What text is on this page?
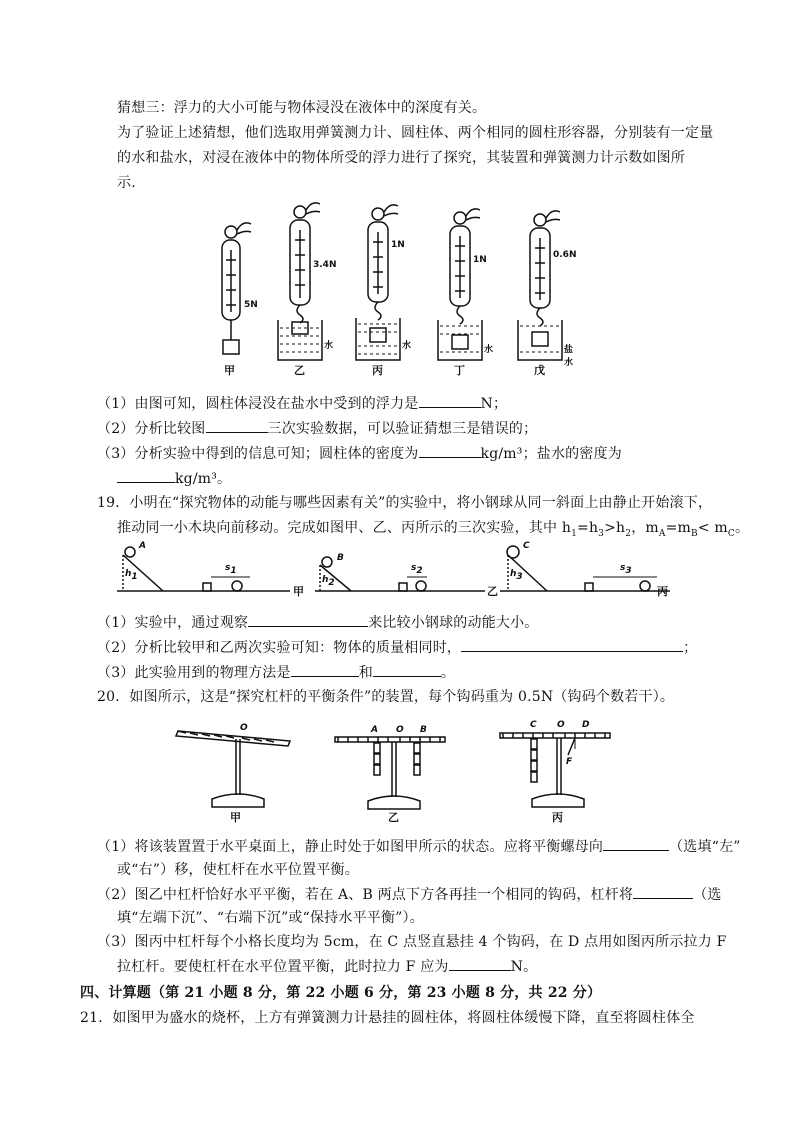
猜想三：浮力的大小可能与物体浸没在液体中的深度有关。
为了验证上述猜想，他们选取用弹簧测力计、圆柱体、两个相同的圆柱形容器，分别装有一定量
的水和盐水，对浸在液体中的物体所受的浮力进行了探究，其装置和弹簧测力计示数如图所
示.
5N
3.4N
1N
1N	0.6N
水	水	水	盐水
甲	乙	丙	丁	戊
（1）由图可知，圆柱体浸没在盐水中受到的浮力是	N；
（2）分析比较图	三次实验数据，可以验证猜想三是错误的；
（3）分析实验中得到的信息可知；圆柱体的密度为	kg/m³；盐水的密度为
kg/m³。
19．小明在“探究物体的动能与哪些因素有关”的实验中，将小钢球从同一斜面上由静止开始滚下，
推动同一小木块向前移动。完成如图甲、乙、丙所示的三次实验，其中 $h_1=h_3>h_2$，$m_A=m_B< m_C$。
A
B
C
$h_1$	$h_2$
$h_3$
$s_1$	$s_2$	$s_3$
甲	乙	丙
（1）实验中，通过观察	来比较小钢球的动能大小。
（2）分析比较甲和乙两次实验可知：物体的质量相同时，	；
（3）此实验用到的物理方法是	和	。
20．如图所示，这是“探究杠杆的平衡条件”的装置，每个钩码重为 0.5N（钩码个数若干）。
O	A O B	C O D
F
甲	乙	丙
（1）将该装置置于水平桌面上，静止时处于如图甲所示的状态。应将平衡螺母向	（选填“左”
或“右”）移，使杠杆在水平位置平衡。
（2）图乙中杠杆恰好水平平衡，若在 A、B 两点下方各再挂一个相同的钩码，杠杆将	（选
填“左端下沉”、“右端下沉”或“保持水平平衡”）。
（3）图丙中杠杆每个小格长度均为 5cm，在 C 点竖直悬挂 4 个钩码，在 D 点用如图丙所示拉力 F
拉杠杆。要使杠杆在水平位置平衡，此时拉力 F 应为	N。
四、计算题（第 21 小题 8 分，第 22 小题 6 分，第 23 小题 8 分，共 22 分）
21．如图甲为盛水的烧杯，上方有弹簧测力计悬挂的圆柱体，将圆柱体缓慢下降，直至将圆柱体全
